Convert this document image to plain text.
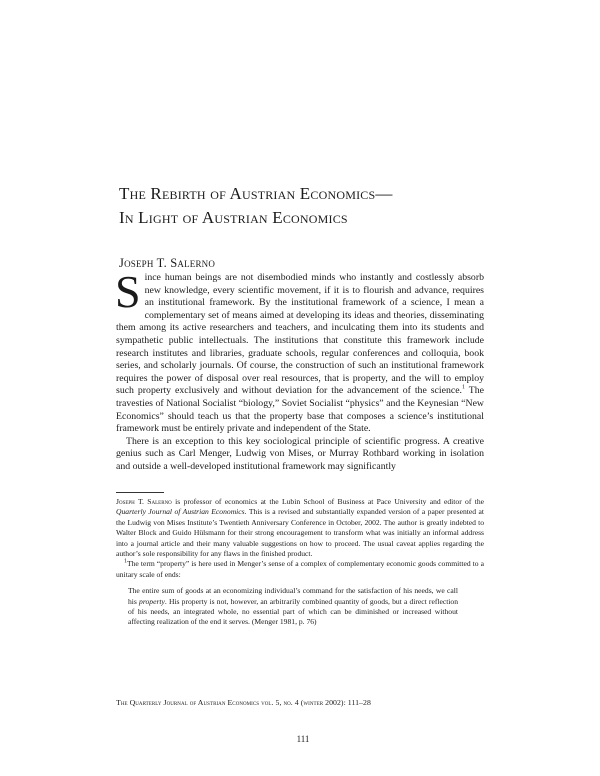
The Rebirth of Austrian Economics—
In Light of Austrian Economics
Joseph T. Salerno

Since human beings are not disembodied minds who instantly and costlessly absorb new knowledge, every scientific movement, if it is to flourish and advance, requires an institutional framework. By the institutional framework of a science, I mean a complementary set of means aimed at developing its ideas and theories, disseminating them among its active researchers and teachers, and inculcating them into its students and sympathetic public intellectuals. The institutions that constitute this framework include research institutes and libraries, graduate schools, regular conferences and colloquia, book series, and scholarly journals. Of course, the construction of such an institutional framework requires the power of disposal over real resources, that is property, and the will to employ such property exclusively and without deviation for the advancement of the science.$^1$ The travesties of National Socialist “biology,” Soviet Socialist “physics” and the Keynesian “New Economics” should teach us that the property base that composes a science’s institutional framework must be entirely private and independent of the State.

There is an exception to this key sociological principle of scientific progress. A creative genius such as Carl Menger, Ludwig von Mises, or Murray Rothbard working in isolation and outside a well-developed institutional framework may significantly

Joseph T. Salerno is professor of economics at the Lubin School of Business at Pace University and editor of the Quarterly Journal of Austrian Economics. This is a revised and substantially expanded version of a paper presented at the Ludwig von Mises Institute’s Twentieth Anniversary Conference in October, 2002. The author is greatly indebted to Walter Block and Guido Hülsmann for their strong encouragement to transform what was initially an informal address into a journal article and their many valuable suggestions on how to proceed. The usual caveat applies regarding the author’s sole responsibility for any flaws in the finished product.

$^1$The term “property” is here used in Menger’s sense of a complex of complementary economic goods committed to a unitary scale of ends:

The entire sum of goods at an economizing individual’s command for the satisfaction of his needs, we call his property. His property is not, however, an arbitrarily combined quantity of goods, but a direct reflection of his needs, an integrated whole, no essential part of which can be diminished or increased without affecting realization of the end it serves. (Menger 1981, p. 76)

The Quarterly Journal of Austrian Economics vol. 5, no. 4 (winter 2002): 111–28
111
